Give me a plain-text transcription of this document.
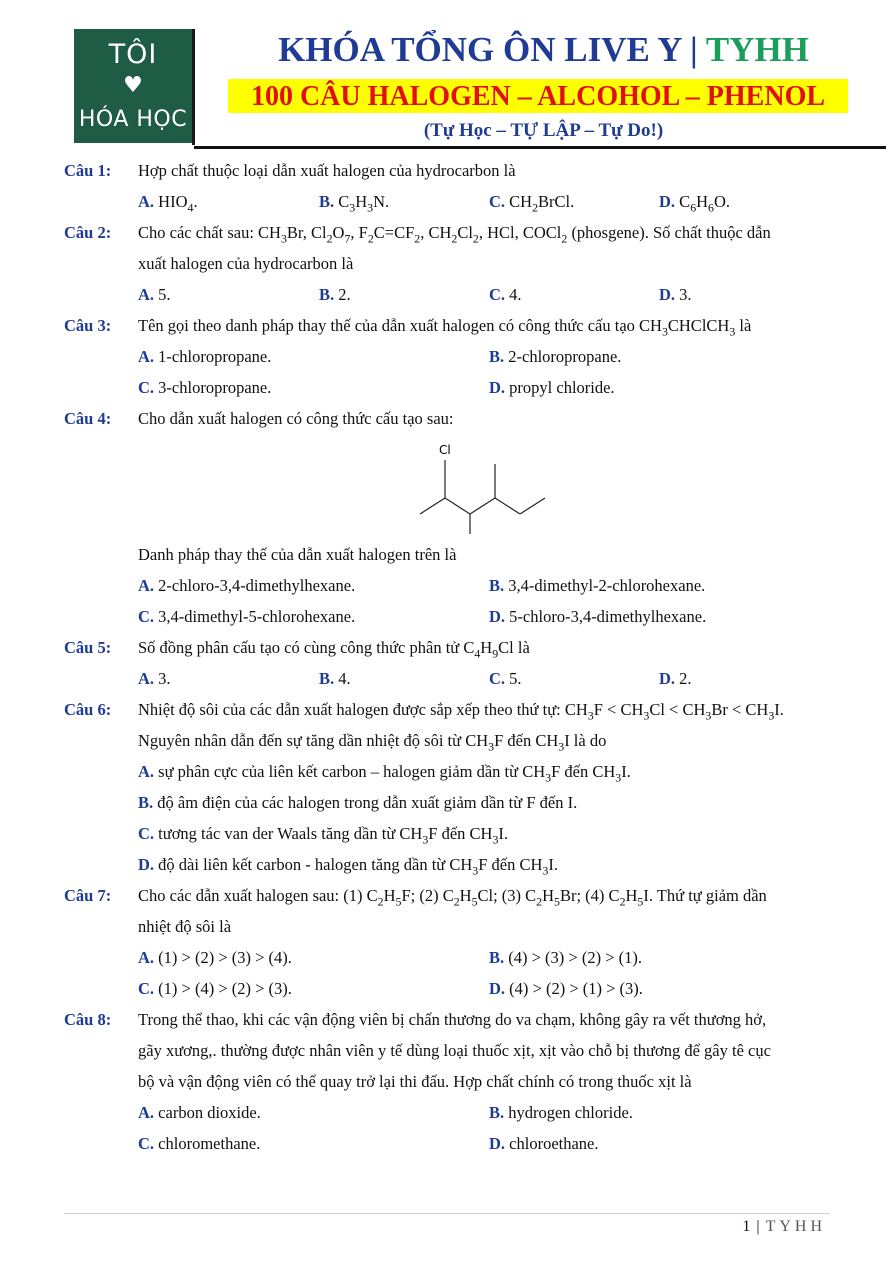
TÔI
♥
HÓA HỌC
KHÓA TỔNG ÔN LIVE Y | TYHH
100 CÂU HALOGEN – ALCOHOL – PHENOL
(Tự Học – TỰ LẬP – Tự Do!)
Câu 1: Hợp chất thuộc loại dẫn xuất halogen của hydrocarbon là
A. $HIO_4$.	B. $C_3H_3N$.	C. $CH_2BrCl$.	D. $C_6H_6O$.
Câu 2: Cho các chất sau: $CH_3Br$, $Cl_2O_7$, $F_2C=CF_2$, $CH_2Cl_2$, HCl, COCl$_2$ (phosgene). Số chất thuộc dẫn
xuất halogen của hydrocarbon là
A. 5.	B. 2.	C. 4.	D. 3.
Câu 3: Tên gọi theo danh pháp thay thế của dẫn xuất halogen có công thức cấu tạo $CH_3CHClCH_3$ là
A. 1-chloropropane.	B. 2-chloropropane.
C. 3-chloropropane.	D. propyl chloride.
Câu 4: Cho dẫn xuất halogen có công thức cấu tạo sau:
Cl
Danh pháp thay thế của dẫn xuất halogen trên là
A. 2-chloro-3,4-dimethylhexane.	B. 3,4-dimethyl-2-chlorohexane.
C. 3,4-dimethyl-5-chlorohexane.	D. 5-chloro-3,4-dimethylhexane.
Câu 5: Số đồng phân cấu tạo có cùng công thức phân tử $C_4H_9Cl$ là
A. 3.	B. 4.	C. 5.	D. 2.
Câu 6: Nhiệt độ sôi của các dẫn xuất halogen được sắp xếp theo thứ tự: $CH_3F < CH_3Cl < CH_3Br < CH_3I$.
Nguyên nhân dẫn đến sự tăng dần nhiệt độ sôi từ $CH_3F$ đến $CH_3I$ là do
A. sự phân cực của liên kết carbon – halogen giảm dần từ $CH_3F$ đến $CH_3I$.
B. độ âm điện của các halogen trong dẫn xuất giảm dần từ F đến I.
C. tương tác van der Waals tăng dần từ $CH_3F$ đến $CH_3I$.
D. độ dài liên kết carbon - halogen tăng dần từ $CH_3F$ đến $CH_3I$.
Câu 7: Cho các dẫn xuất halogen sau: (1) $C_2H_5F$; (2) $C_2H_5Cl$; (3) $C_2H_5Br$; (4) $C_2H_5I$. Thứ tự giảm dần
nhiệt độ sôi là
A. (1) > (2) > (3) > (4).	B. (4) > (3) > (2) > (1).
C. (1) > (4) > (2) > (3).	D. (4) > (2) > (1) > (3).
Câu 8: Trong thể thao, khi các vận động viên bị chấn thương do va chạm, không gây ra vết thương hở,
gãy xương,. thường được nhân viên y tế dùng loại thuốc xịt, xịt vào chỗ bị thương để gây tê cục
bộ và vận động viên có thể quay trở lại thi đấu. Hợp chất chính có trong thuốc xịt là
A. carbon dioxide.	B. hydrogen chloride.
C. chloromethane.	D. chloroethane.
1 | TYHH
